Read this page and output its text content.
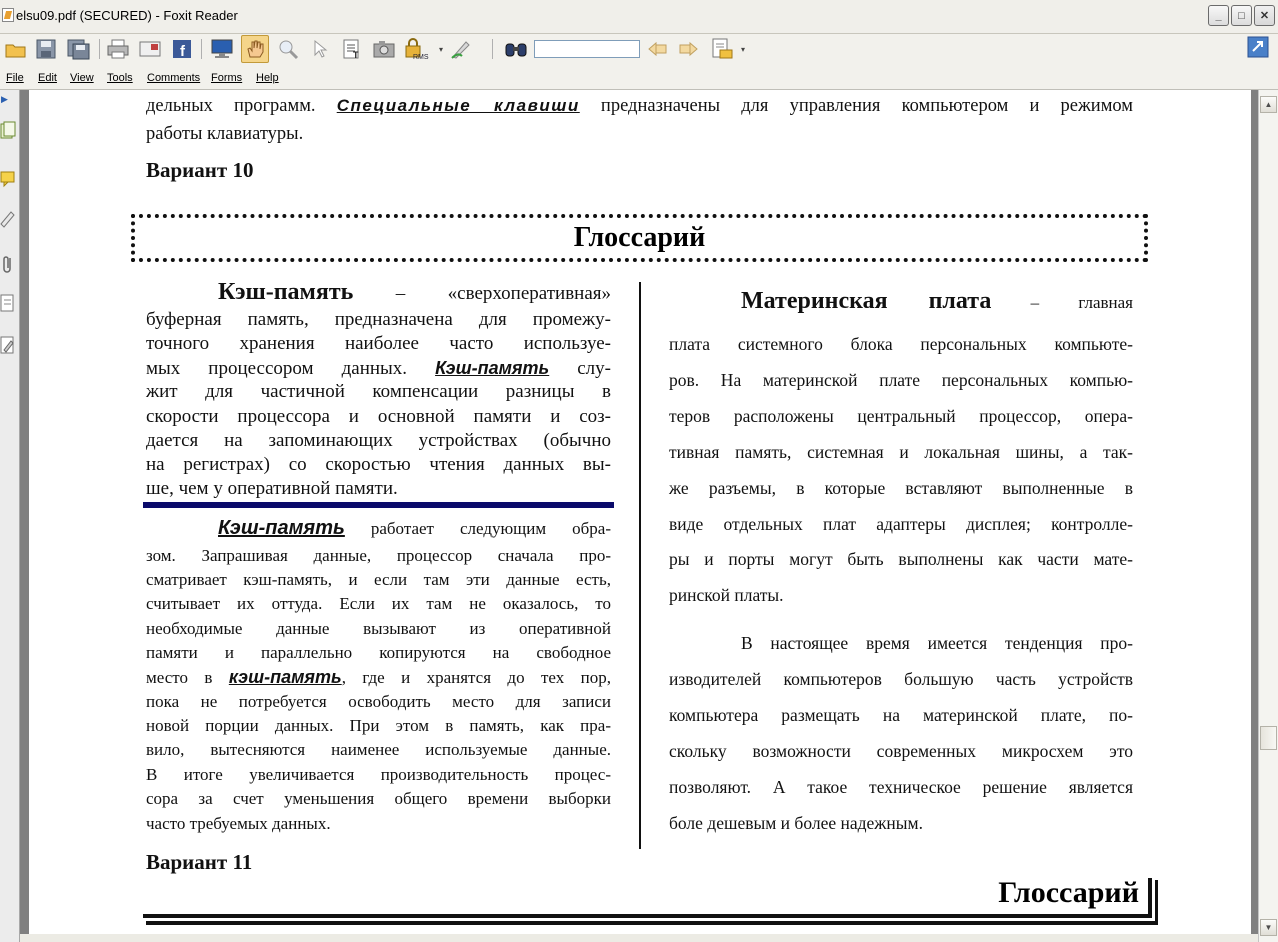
elsu09.pdf (SECURED) - Foxit Reader	_	□	✕
f	T	RMS
▾	▾
File Edit View Tools Comments Forms Help
▶	дельных программ. Специальные клавиши предназначены для управления компьютером и режимом
работы клавиатуры.
Вариант 10
Глоссарий
Кэш-память – «сверхоперативная»
буферная память, предназначена для промежу-
точного хранения наиболее часто используе-
мых процессором данных. Кэш-память слу-
жит для частичной компенсации разницы в
скорости процессора и основной памяти и соз-
дается на запоминающих устройствах (обычно
на регистрах) со скоростью чтения данных вы-
ше, чем у оперативной памяти.
Кэш-память работает следующим обра-
зом. Запрашивая данные, процессор сначала про-
сматривает кэш-память, и если там эти данные есть,
считывает их оттуда. Если их там не оказалось, то
необходимые данные вызывают из оперативной
памяти и параллельно копируются на свободное
место в кэш-память, где и хранятся до тех пор,
пока не потребуется освободить место для записи
новой порции данных. При этом в память, как пра-
вило, вытесняются наименее используемые данные.
В итоге увеличивается производительность процес-
сора за счет уменьшения общего времени выборки
часто требуемых данных.
Материнская плата – главная
плата системного блока персональных компьюте-
ров. На материнской плате персональных компью-
теров расположены центральный процессор, опера-
тивная память, системная и локальная шины, а так-
же разъемы, в которые вставляют выполненные в
виде отдельных плат адаптеры дисплея; контролле-
ры и порты могут быть выполнены как части мате-
ринской платы.
В настоящее время имеется тенденция про-
изводителей компьютеров большую часть устройств
компьютера размещать на материнской плате, по-
скольку возможности современных микросхем это
позволяют. А такое техническое решение является
боле дешевым и более надежным.
Вариант 11
Глоссарий
▲
▼
